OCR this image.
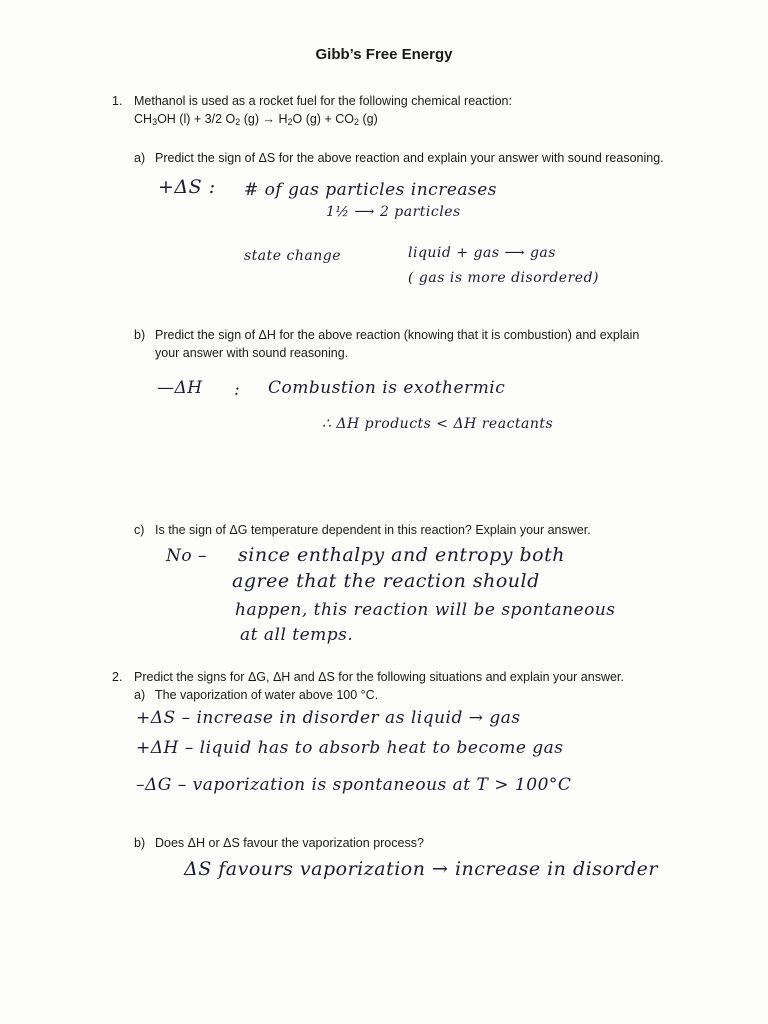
Gibb’s Free Energy
1. Methanol is used as a rocket fuel for the following chemical reaction:
$CH_3OH$ (l) + 3/2 $O_2$ $(g) \to H_2O$ $(g) + CO_2$ (g)
a) Predict the sign of ΔS for the above reaction and explain your answer with sound reasoning.
+ΔS : # of gas particles increases
1½ ⟶ 2 particles
state change	liquid + gas ⟶ gas
( gas is more disordered)
b) Predict the sign of ΔH for the above reaction (knowing that it is combustion) and explain
your answer with sound reasoning.
—ΔH : Combustion is exothermic
∴ ΔH products < ΔH reactants
c) Is the sign of ΔG temperature dependent in this reaction? Explain your answer.
No – since enthalpy and entropy both
agree that the reaction should
happen, this reaction will be spontaneous
at all temps.
2. Predict the signs for ΔG, ΔH and ΔS for the following situations and explain your answer.
a) The vaporization of water above 100 °C.
+ΔS – increase in disorder as liquid → gas
+ΔH – liquid has to absorb heat to become gas
–ΔG – vaporization is spontaneous at T > 100°C
b) Does ΔH or ΔS favour the vaporization process?
ΔS favours vaporization → increase in disorder
